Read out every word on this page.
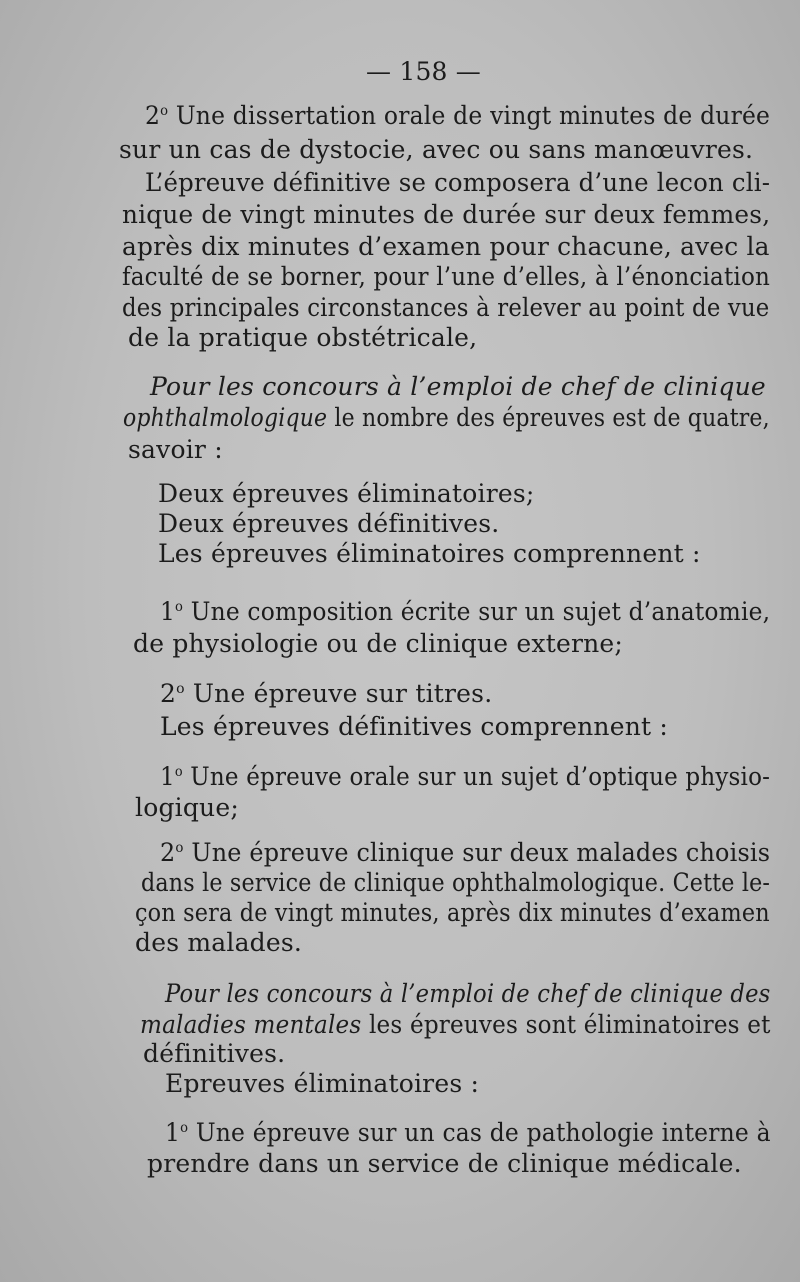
— 158 —
2$^o$ Une dissertation orale de vingt minutes de durée
sur un cas de dystocie, avec ou sans manœuvres.
L’épreuve définitive se composera d’une lecon cli-
nique de vingt minutes de durée sur deux femmes,
après dix minutes d’examen pour chacune, avec la
faculté de se borner, pour l’une d’elles, à l’énonciation
des principales circonstances à relever au point de vue
de la pratique obstétricale,
Pour les concours à l’emploi de chef de clinique
ophthalmologique le nombre des épreuves est de quatre,
savoir :
Deux épreuves éliminatoires;
Deux épreuves définitives.
Les épreuves éliminatoires comprennent :
1$^o$ Une composition écrite sur un sujet d’anatomie,
de physiologie ou de clinique externe;
2$^o$ Une épreuve sur titres.
Les épreuves définitives comprennent :
1$^o$ Une épreuve orale sur un sujet d’optique physio-
logique;
2$^o$ Une épreuve clinique sur deux malades choisis
dans le service de clinique ophthalmologique. Cette le-
çon sera de vingt minutes, après dix minutes d’examen
des malades.
Pour les concours à l’emploi de chef de clinique des
maladies mentales les épreuves sont éliminatoires et
définitives.
Epreuves éliminatoires :
1$^o$ Une épreuve sur un cas de pathologie interne à
prendre dans un service de clinique médicale.
